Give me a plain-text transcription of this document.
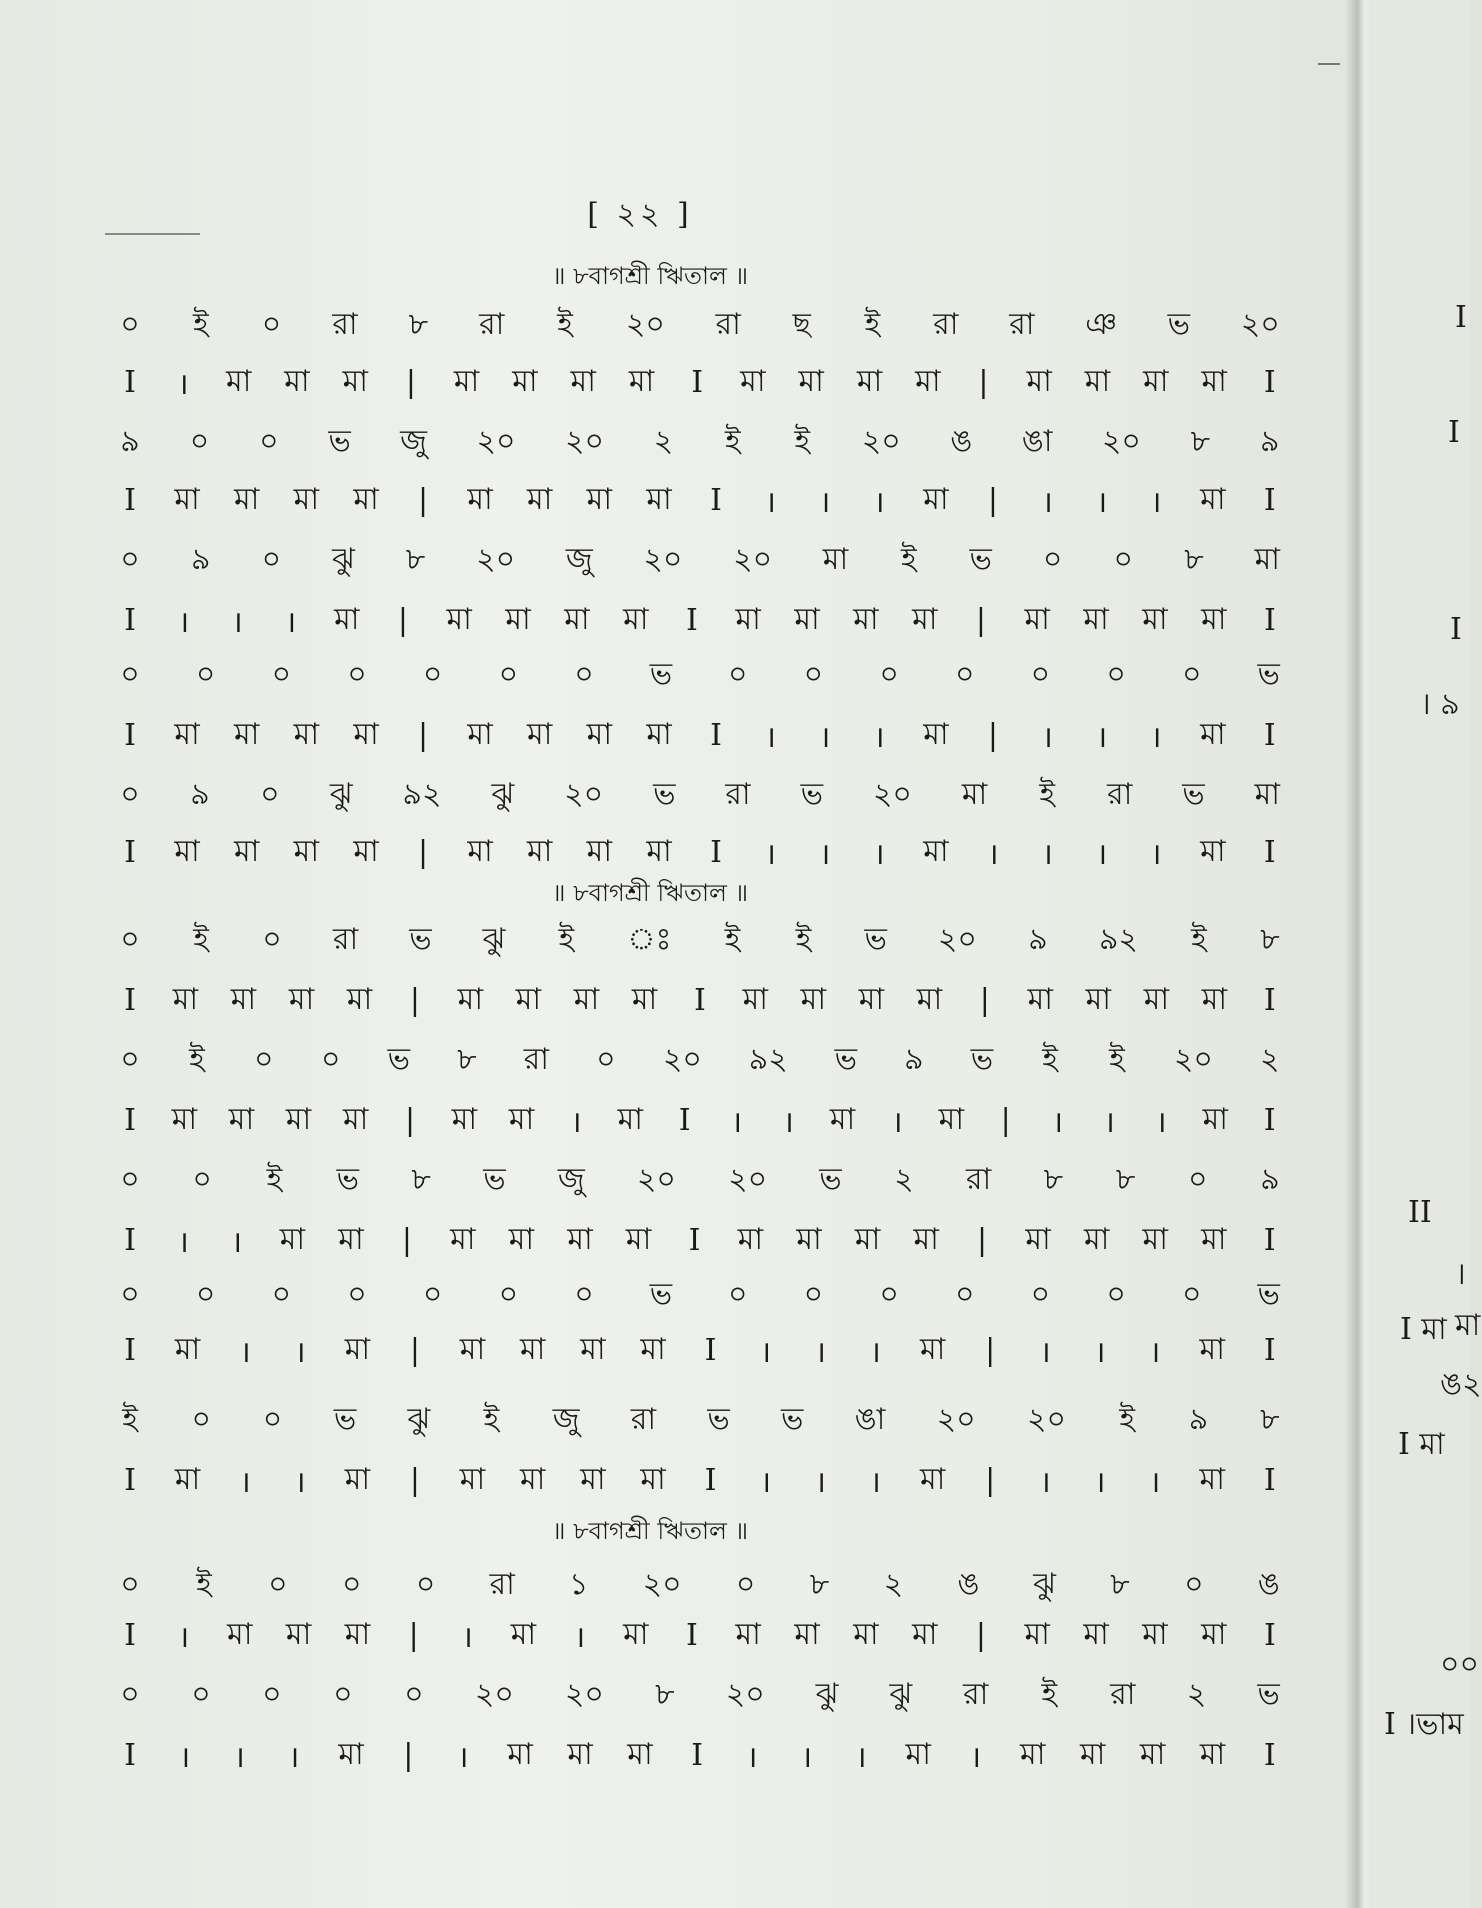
[ ২২ ]
॥ ৮বাগশ্রী ঋিতাল ॥
॥ ৮বাগশ্রী ঋিতাল ॥
॥ ৮বাগশ্রী ঋিতাল ॥
০ ই ০ রা ৮ রা ই ২০ রা ছ ই রা রা ঞ ভ ২০
I । মা মা মা | মা মা মা মা I মা মা মা মা | মা মা মা মা I
৯ ০ ০ ভ জু ২০ ২০ ২ ই ই ২০ ঙ ঙা ২০ ৮ ৯
I মা মা মা মা | মা মা মা মা I । । । মা | । । । মা I
০ ৯ ০ ঝু ৮ ২০ জু ২০ ২০ মা ই ভ ০ ০ ৮ মা
I । । । মা | মা মা মা মা I মা মা মা মা | মা মা মা মা I
০ ০ ০ ০ ০ ০ ০ ভ ০ ০ ০ ০ ০ ০ ০ ভ
I মা মা মা মা | মা মা মা মা I । । । মা | । । । মা I
০ ৯ ০ ঝু ৯২ ঝু ২০ ভ রা ভ ২০ মা ই রা ভ মা
I মা মা মা মা | মা মা মা মা I । । । মা । । । । মা I
০ ই ০ রা ভ ঝু ই ঃ ই ই ভ ২০ ৯ ৯২ ই ৮
I মা মা মা মা | মা মা মা মা I মা মা মা মা | মা মা মা মা I
০ ই ০ ০ ভ ৮ রা ০ ২০ ৯২ ভ ৯ ভ ই ই ২০ ২
I মা মা মা মা | মা মা । মা I । । মা । মা | । । । মা I
০ ০ ই ভ ৮ ভ জু ২০ ২০ ভ ২ রা ৮ ৮ ০ ৯
I । । মা মা | মা মা মা মা I মা মা মা মা | মা মা মা মা I
০ ০ ০ ০ ০ ০ ০ ভ ০ ০ ০ ০ ০ ০ ০ ভ
I মা । । মা | মা মা মা মা I । । । মা | । । । মা I
ই ০ ০ ভ ঝু ই জু রা ভ ভ ঙা ২০ ২০ ই ৯ ৮
I মা । । মা | মা মা মা মা I । । । মা | । । । মা I
০ ই ০ ০ ০ রা ১ ২০ ০ ৮ ২ ঙ ঝু ৮ ০ ঙ
I । মা মা মা | । মা । মা I মা মা মা মা | মা মা মা মা I
০ ০ ০ ০ ০ ২০ ২০ ৮ ২০ ঝু ঝু রা ই রা ২ ভ
I । । । মা | । মা মা মা I । । । মা । মা মা মা মা I
I
I
I
। ৯
II
।মা
I মা
ঙ২
I মা
০০
I ।ভাম
